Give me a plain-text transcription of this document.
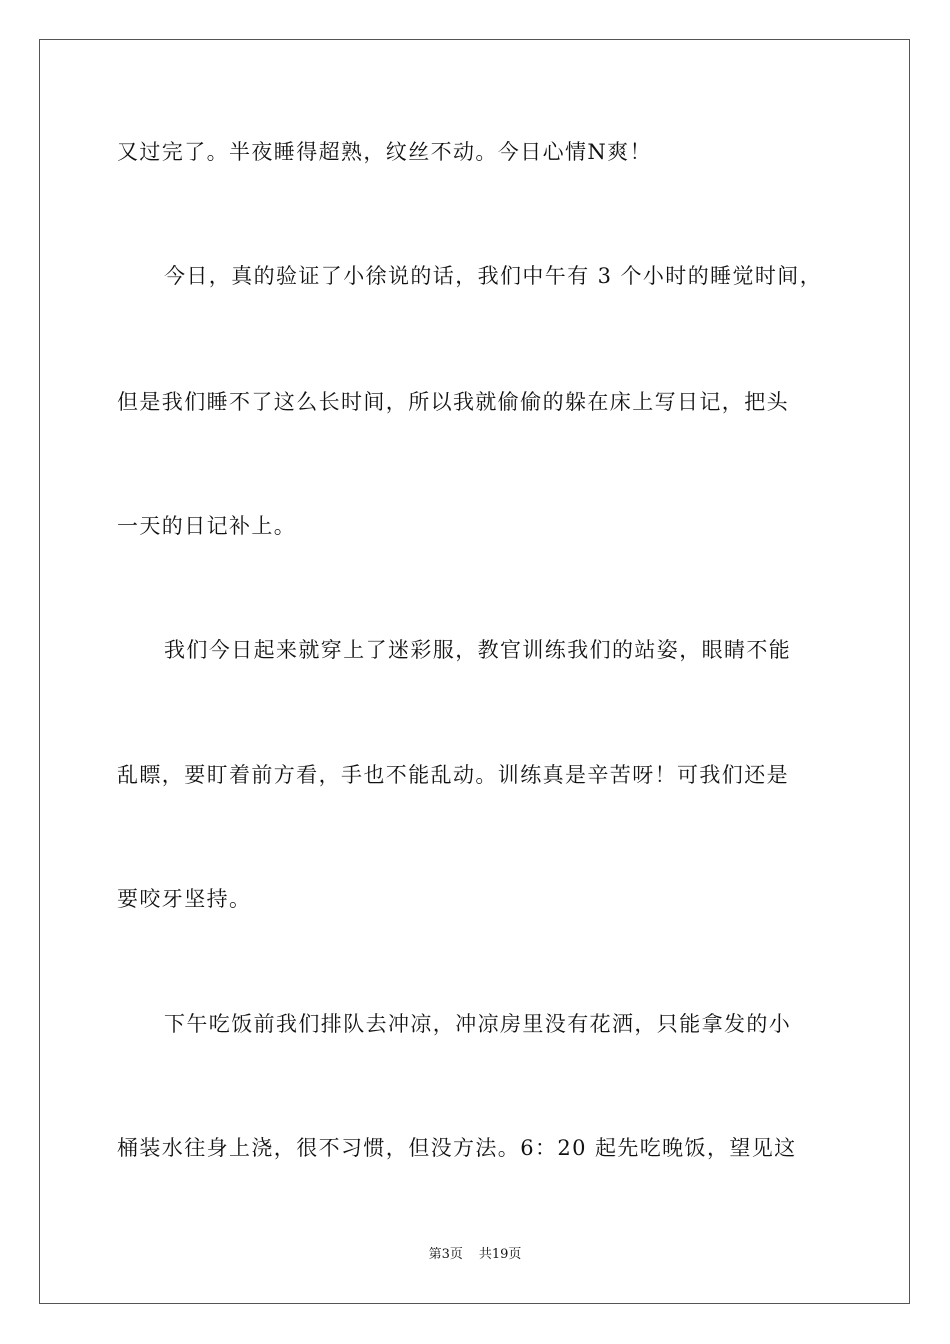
又过完了。半夜睡得超熟，纹丝不动。今日心情N爽！
今日，真的验证了小徐说的话，我们中午有 3 个小时的睡觉时间，
但是我们睡不了这么长时间，所以我就偷偷的躲在床上写日记，把头
一天的日记补上。
我们今日起来就穿上了迷彩服，教官训练我们的站姿，眼睛不能
乱瞟，要盯着前方看，手也不能乱动。训练真是辛苦呀！可我们还是
要咬牙坚持。
下午吃饭前我们排队去冲凉，冲凉房里没有花洒，只能拿发的小
桶装水往身上浇，很不习惯，但没方法。6：20 起先吃晚饭，望见这
第3页 共19页
